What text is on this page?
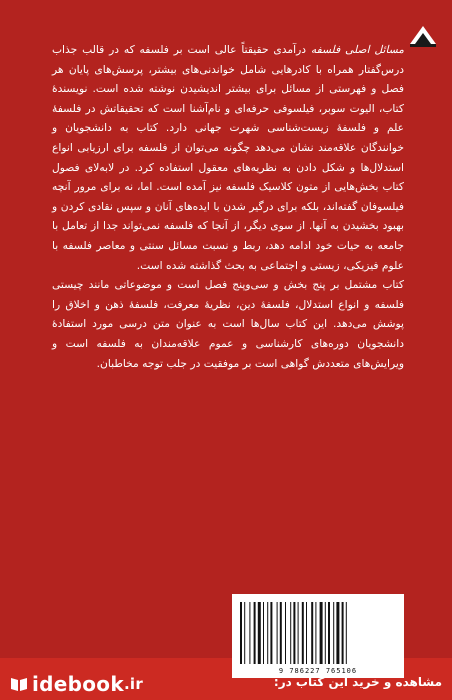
مسائل اصلی فلسفه درآمدی حقیقتاً عالی است بر فلسفه که در قالب جذاب درس‌گفتار همراه با کادرهایی شامل خواندنی‌های بیشتر، پرسش‌های پایان هر فصل و فهرستی از مسائل برای بیشتر اندیشیدن نوشته شده است. نویسندهٔ کتاب، الیوت سوبر، فیلسوفی حرفه‌ای و نام‌آشنا است که تحقیقاتش در فلسفهٔ علم و فلسفهٔ زیست‌شناسی شهرت جهانی دارد. کتاب به دانشجویان و خوانندگان علاقه‌مند نشان می‌دهد چگونه می‌توان از فلسفه برای ارزیابی انواع استدلال‌ها و شکل دادن به نظریه‌های معقول استفاده کرد. در لابه‌لای فصول کتاب بخش‌هایی از متون کلاسیک فلسفه نیز آمده است. اما، نه برای مرور آنچه فیلسوفان گفته‌اند، بلکه برای درگیر شدن با ایده‌های آنان و سپس نقادی کردن و بهبود بخشیدن به آنها. از سوی دیگر، از آنجا که فلسفه نمی‌تواند جدا از تعامل با جامعه به حیات خود ادامه دهد، ربط و نسبت مسائل سنتی و معاصر فلسفه با علوم فیزیکی، زیستی و اجتماعی به بحث گذاشته شده است.

کتاب مشتمل بر پنج بخش و سی‌وپنج فصل است و موضوعاتی مانند چیستی فلسفه و انواع استدلال، فلسفهٔ دین، نظریهٔ معرفت، فلسفهٔ ذهن و اخلاق را پوشش می‌دهد. این کتاب سال‌ها است به عنوان متن درسی مورد استفادهٔ دانشجویان دوره‌های کارشناسی و عموم علاقه‌مندان به فلسفه است و ویرایش‌های متعددش گواهی است بر موفقیت در جلب توجه مخاطبان.

9 786227 765106
idebook .ir	مشاهده و خرید این کتاب در:
